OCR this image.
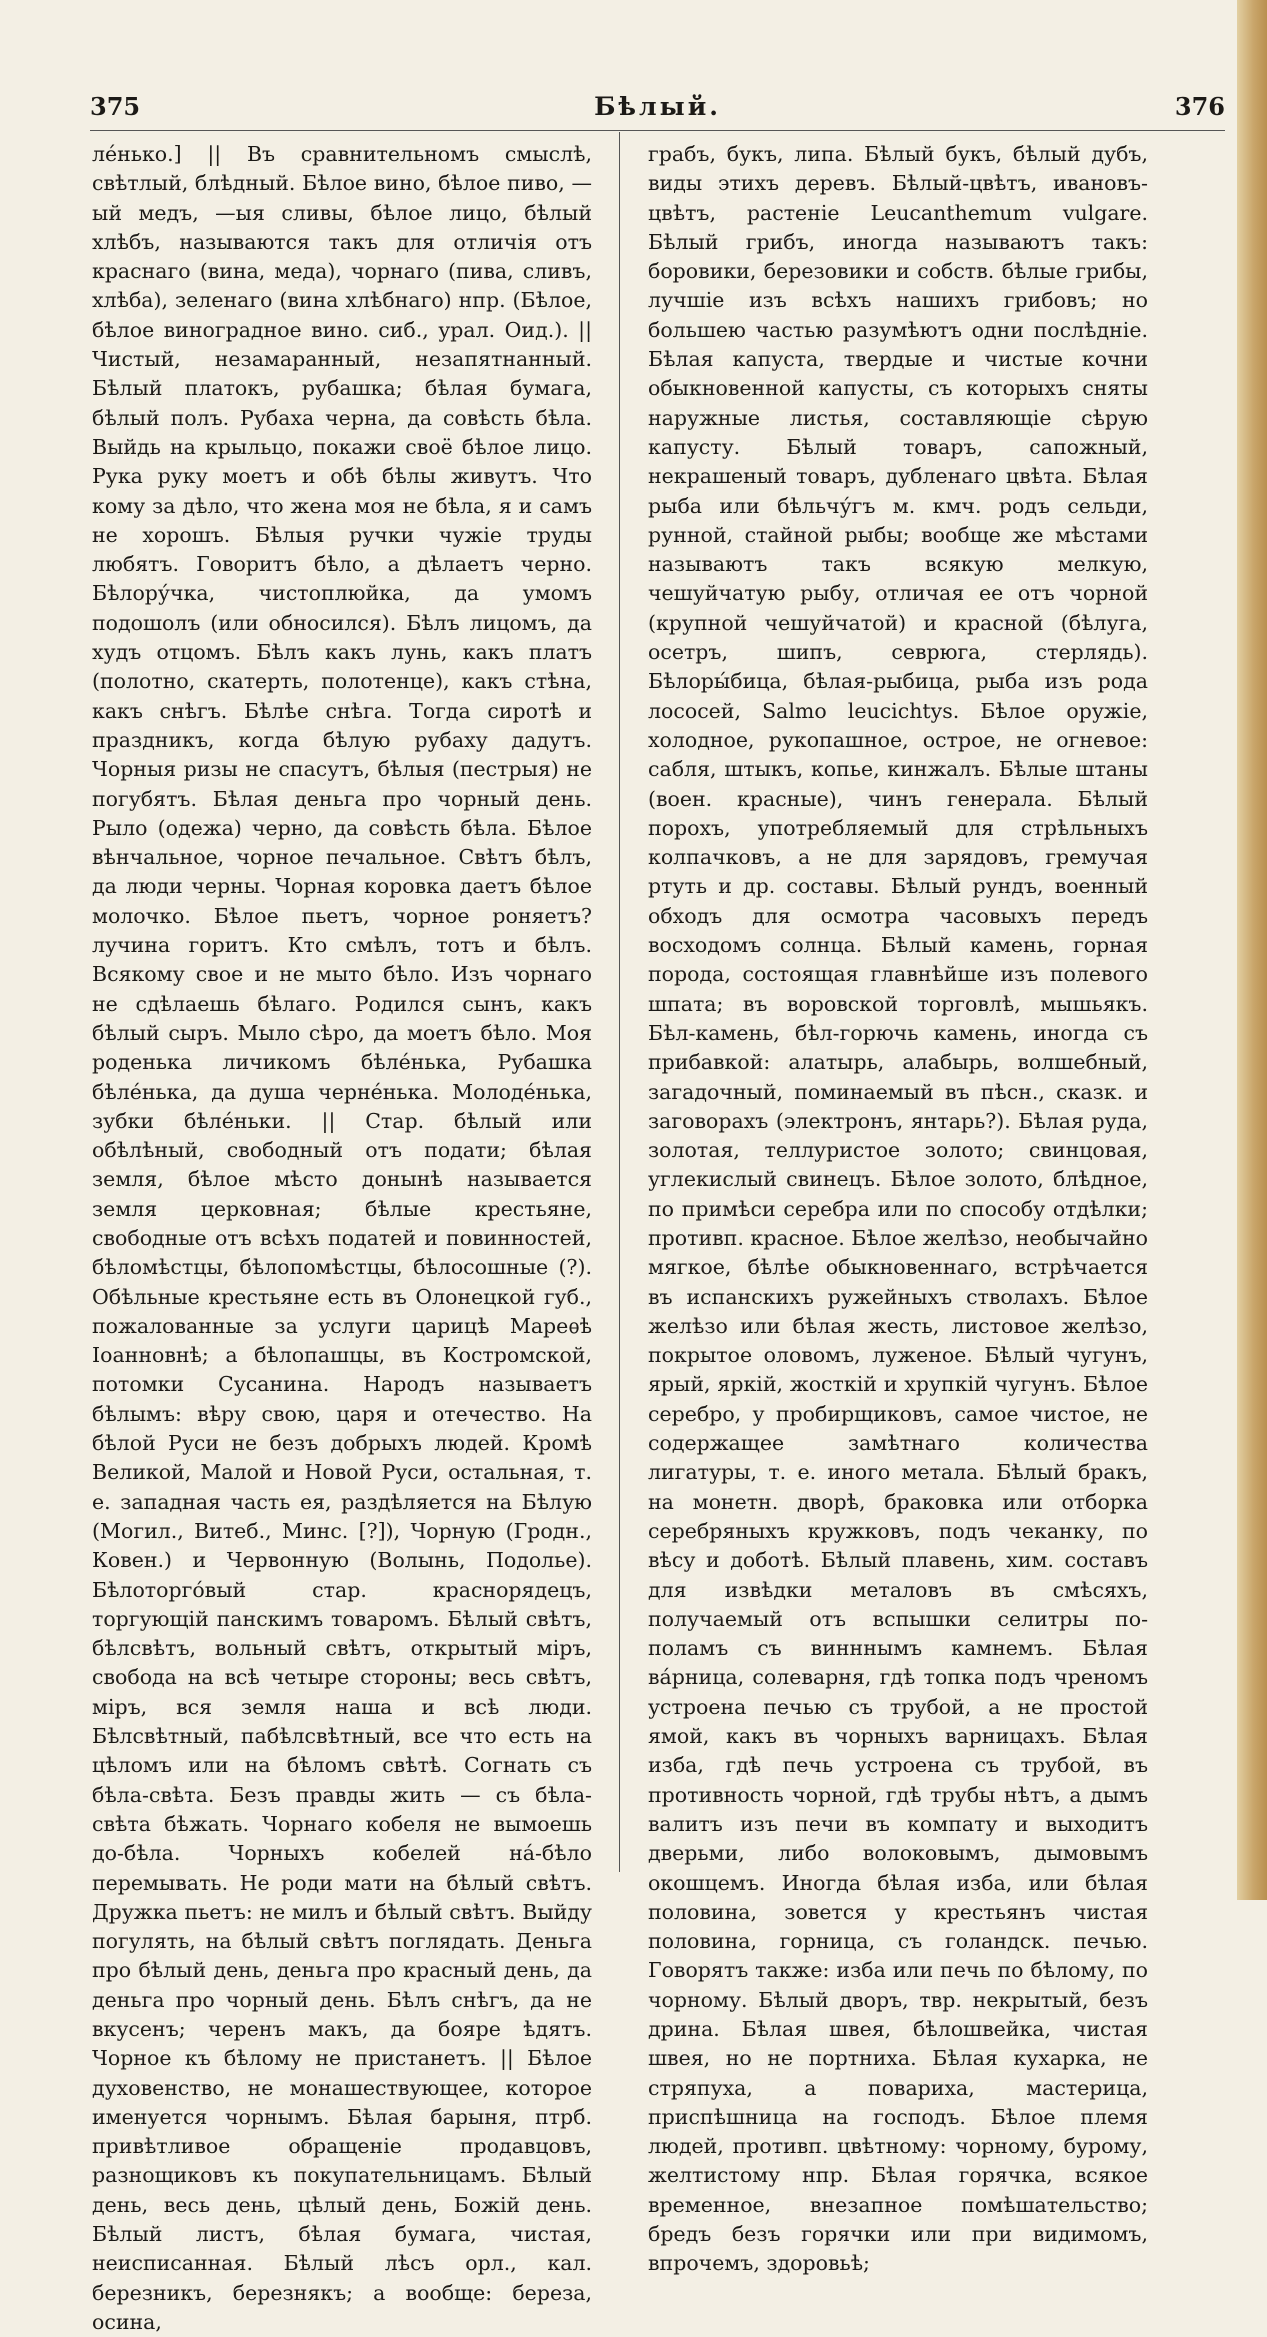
375	Бѣлый.	376

лéнько.] || Въ сравнительномъ смыслѣ, свѣтлый, блѣдный. Бѣлое вино, бѣлое пиво, —ый медъ, —ыя сливы, бѣлое лицо, бѣлый хлѣбъ, называются такъ для отличія отъ краснаго (вина, меда), чорнаго (пива, сливъ, хлѣба), зеленаго (вина хлѣбнаго) нпр. (Бѣлое, бѣлое виноградное вино. сиб., урал. Оид.). || Чистый, незамаранный, незапятнанный. Бѣлый платокъ, рубашка; бѣлая бумага, бѣлый полъ. Рубаха черна, да совѣсть бѣла. Выйдь на крыльцо, покажи своё бѣлое лицо. Рука руку моетъ и обѣ бѣлы живутъ. Что кому за дѣло, что жена моя не бѣла, я и самъ не хорошъ. Бѣлыя ручки чужіе труды любятъ. Говоритъ бѣло, а дѣлаетъ черно. Бѣлору́чка, чистоплюйка, да умомъ подошолъ (или обносился). Бѣлъ лицомъ, да худъ отцомъ. Бѣлъ какъ лунь, какъ платъ (полотно, скатерть, полотенце), какъ стѣна, какъ снѣгъ. Бѣлѣе снѣга. Тогда сиротѣ и праздникъ, когда бѣлую рубаху дадутъ. Чорныя ризы не спасутъ, бѣлыя (пестрыя) не погубятъ. Бѣлая деньга про чорный день. Рыло (одежа) черно, да совѣсть бѣла. Бѣлое вѣнчальное, чорное печальное. Свѣтъ бѣлъ, да люди черны. Чорная коровка даетъ бѣлое молочко. Бѣлое пьетъ, чорное роняетъ? лучина горитъ. Кто смѣлъ, тотъ и бѣлъ. Всякому свое и не мыто бѣло. Изъ чорнаго не сдѣлаешь бѣлаго. Родился сынъ, какъ бѣлый сыръ. Мыло сѣро, да моетъ бѣло. Моя роденька личикомъ бѣле́нька, Рубашка бѣле́нька, да душа черне́нька. Молоде́нька, зубки бѣле́ньки. || Стар. бѣлый или обѣлѣный, свободный отъ подати; бѣлая земля, бѣлое мѣсто донынѣ называется земля церковная; бѣлые крестьяне, свободные отъ всѣхъ податей и повинностей, бѣломѣстцы, бѣлопомѣстцы, бѣлосошные (?). Обѣльные крестьяне есть въ Олонецкой губ., пожалованные за услуги царицѣ Мареѳѣ Іоанновнѣ; а бѣлопашцы, въ Костромской, потомки Сусанина. Народъ называетъ бѣлымъ: вѣру свою, царя и отечество. На бѣлой Руси не безъ добрыхъ людей. Кромѣ Великой, Малой и Новой Руси, остальная, т. е. западная часть ея, раздѣляется на Бѣлую (Могил., Витеб., Минс. [?]), Чорную (Гродн., Ковен.) и Червонную (Волынь, Подолье). Бѣлоторго́вый стар. краснорядецъ, торгующій панскимъ товаромъ. Бѣлый свѣтъ, бѣлсвѣтъ, вольный свѣтъ, открытый міръ, свобода на всѣ четыре стороны; весь свѣтъ, міръ, вся земля наша и всѣ люди. Бѣлсвѣтный, пабѣлсвѣтный, все что есть на цѣломъ или на бѣломъ свѣтѣ. Согнать съ бѣла-свѣта. Безъ правды жить — съ бѣла-свѣта бѣжать. Чорнаго кобеля не вымоешь до-бѣла. Чорныхъ кобелей на́-бѣло перемывать. Не роди мати на бѣлый свѣтъ. Дружка пьетъ: не милъ и бѣлый свѣтъ. Выйду погулять, на бѣлый свѣтъ поглядать. Деньга про бѣлый день, деньга про красный день, да деньга про чорный день. Бѣлъ снѣгъ, да не вкусенъ; черенъ макъ, да бояре ѣдятъ. Чорное къ бѣлому не пристанетъ. || Бѣлое духовенство, не монашествующее, которое именуется чорнымъ. Бѣлая барыня, птрб. привѣтливое обращеніе продавцовъ, разнощиковъ къ покупательницамъ. Бѣлый день, весь день, цѣлый день, Божій день. Бѣлый листъ, бѣлая бумага, чистая, неисписанная. Бѣлый лѣсъ орл., кал. березникъ, березнякъ; а вообще: береза, осина,

грабъ, букъ, липа. Бѣлый букъ, бѣлый дубъ, виды этихъ деревъ. Бѣлый-цвѣтъ, ивановъ-цвѣтъ, растеніе Leucanthemum vulgare. Бѣлый грибъ, иногда называютъ такъ: боровики, березовики и собств. бѣлые грибы, лучшіе изъ всѣхъ нашихъ грибовъ; но большею частью разумѣютъ одни послѣдніе. Бѣлая капуста, твердые и чистые кочни обыкновенной капусты, съ которыхъ сняты наружные листья, составляющіе сѣрую капусту. Бѣлый товаръ, сапожный, некрашеный товаръ, дубленаго цвѣта. Бѣлая рыба или бѣльчу́гъ м. кмч. родъ сельди, рунной, стайной рыбы; вообще же мѣстами называютъ такъ всякую мелкую, чешуйчатую рыбу, отличая ее отъ чорной (крупной чешуйчатой) и красной (бѣлуга, осетръ, шипъ, севрюга, стерлядь). Бѣлоры́бица, бѣлая-рыбица, рыба изъ рода лососей, Salmo leucichtys. Бѣлое оружіе, холодное, рукопашное, острое, не огневое: сабля, штыкъ, копье, кинжалъ. Бѣлые штаны (воен. красные), чинъ генерала. Бѣлый порохъ, употребляемый для стрѣльныхъ колпачковъ, а не для зарядовъ, гремучая ртуть и др. составы. Бѣлый рундъ, военный обходъ для осмотра часовыхъ передъ восходомъ солнца. Бѣлый камень, горная порода, состоящая главнѣйше изъ полевого шпата; въ воровской торговлѣ, мышьякъ. Бѣл-камень, бѣл-горючь камень, иногда съ прибавкой: алатырь, алабырь, волшебный, загадочный, поминаемый въ пѣсн., сказк. и заговорахъ (электронъ, янтарь?). Бѣлая руда, золотая, теллуристое золото; свинцовая, углекислый свинецъ. Бѣлое золото, блѣдное, по примѣси серебра или по способу отдѣлки; противп. красное. Бѣлое желѣзо, необычайно мягкое, бѣлѣе обыкновеннаго, встрѣчается въ испанскихъ ружейныхъ стволахъ. Бѣлое желѣзо или бѣлая жесть, листовое желѣзо, покрытое оловомъ, луженое. Бѣлый чугунъ, ярый, яркій, жосткій и хрупкій чугунъ. Бѣлое серебро, у пробирщиковъ, самое чистое, не содержащее замѣтнаго количества лигатуры, т. е. иного метала. Бѣлый бракъ, на монетн. дворѣ, браковка или отборка серебряныхъ кружковъ, подъ чеканку, по вѣсу и доботѣ. Бѣлый плавень, хим. составъ для извѣдки металовъ въ смѣсяхъ, получаемый отъ вспышки селитры по-поламъ съ винннымъ камнемъ. Бѣлая ва́рница, солеварня, гдѣ топка подъ чреномъ устроена печью съ трубой, а не простой ямой, какъ въ чорныхъ варницахъ. Бѣлая изба, гдѣ печь устроена съ трубой, въ противность чорной, гдѣ трубы нѣтъ, а дымъ валитъ изъ печи въ компату и выходитъ дверьми, либо волоковымъ, дымовымъ окошцемъ. Иногда бѣлая изба, или бѣлая половина, зовется у крестьянъ чистая половина, горница, съ голандск. печью. Говорятъ также: изба или печь по бѣлому, по чорному. Бѣлый дворъ, твр. некрытый, безъ дрина. Бѣлая швея, бѣлошвейка, чистая швея, но не портниха. Бѣлая кухарка, не стряпуха, а повариха, мастерица, приспѣшница на господъ. Бѣлое племя людей, противп. цвѣтному: чорному, бурому, желтистому нпр. Бѣлая горячка, всякое временное, внезапное помѣшательство; бредъ безъ горячки или при видимомъ, впрочемъ, здоровьѣ;
